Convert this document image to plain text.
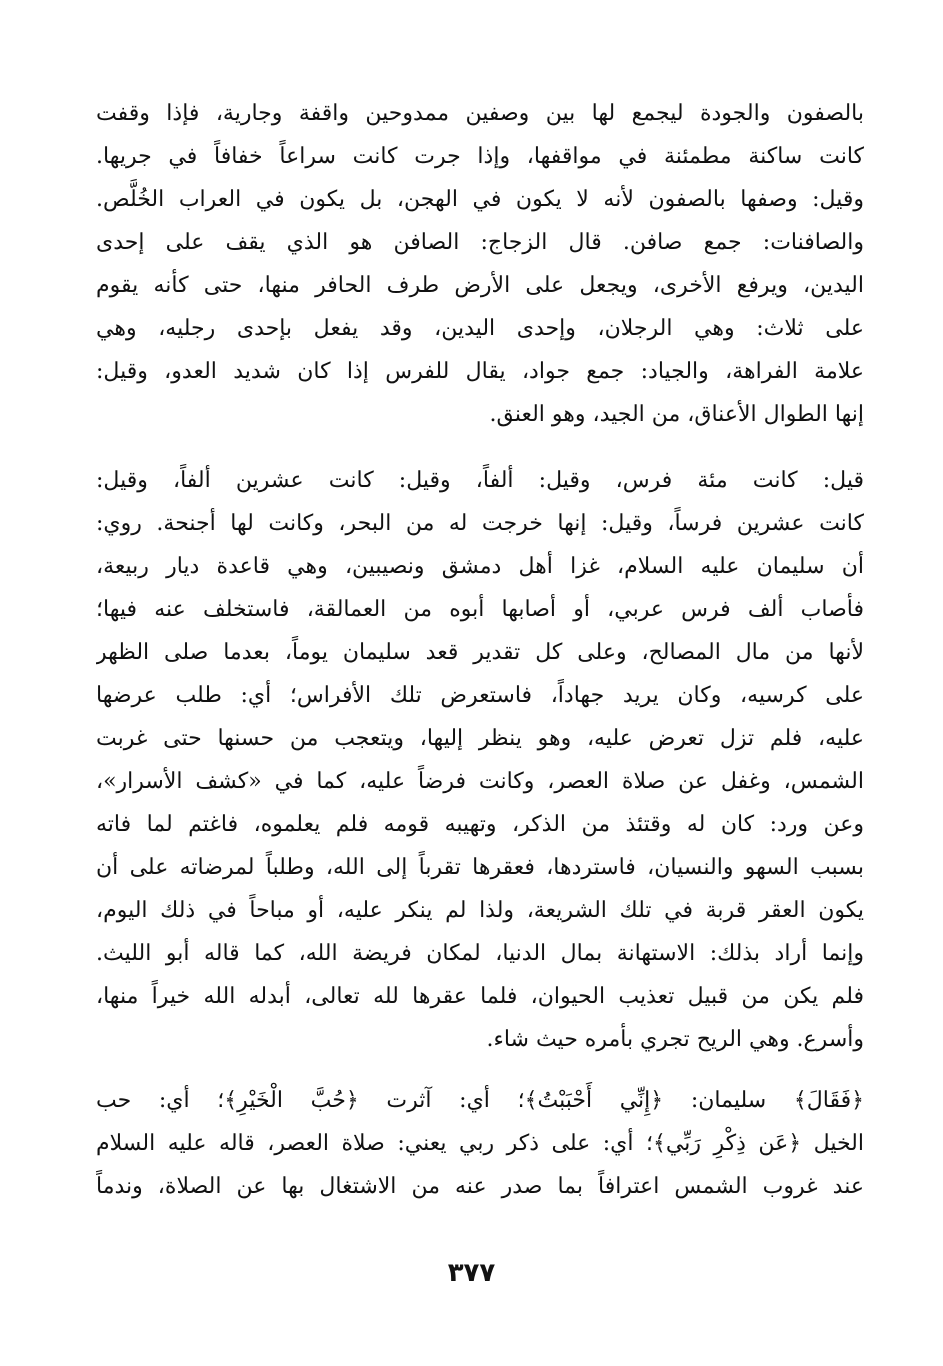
بالصفون والجودة ليجمع لها بين وصفين ممدوحين واقفة وجارية، فإذا وقفت
كانت ساكنة مطمئنة في مواقفها، وإذا جرت كانت سراعاً خفافاً في جريها.
وقيل: وصفها بالصفون لأنه لا يكون في الهجن، بل يكون في العراب الخُلَّص.
والصافنات: جمع صافن. قال الزجاج: الصافن هو الذي يقف على إحدى
اليدين، ويرفع الأخرى، ويجعل على الأرض طرف الحافر منها، حتى كأنه يقوم
على ثلاث: وهي الرجلان، وإحدى اليدين، وقد يفعل بإحدى رجليه، وهي
علامة الفراهة، والجياد: جمع جواد، يقال للفرس إذا كان شديد العدو، وقيل:
إنها الطوال الأعناق، من الجيد، وهو العنق.
قيل: كانت مئة فرس، وقيل: ألفاً، وقيل: كانت عشرين ألفاً، وقيل:
كانت عشرين فرساً، وقيل: إنها خرجت له من البحر، وكانت لها أجنحة. روي:
أن سليمان عليه السلام، غزا أهل دمشق ونصيبين، وهي قاعدة ديار ربيعة،
فأصاب ألف فرس عربي، أو أصابها أبوه من العمالقة، فاستخلف عنه فيها؛
لأنها من مال المصالح، وعلى كل تقدير قعد سليمان يوماً، بعدما صلى الظهر
على كرسيه، وكان يريد جهاداً، فاستعرض تلك الأفراس؛ أي: طلب عرضها
عليه، فلم تزل تعرض عليه، وهو ينظر إليها، ويتعجب من حسنها حتى غربت
الشمس، وغفل عن صلاة العصر، وكانت فرضاً عليه، كما في «كشف الأسرار»،
وعن ورد: كان له وقتئذ من الذكر، وتهيبه قومه فلم يعلموه، فاغتم لما فاته
بسبب السهو والنسيان، فاستردها، فعقرها تقرباً إلى الله، وطلباً لمرضاته على أن
يكون العقر قربة في تلك الشريعة، ولذا لم ينكر عليه، أو مباحاً في ذلك اليوم،
وإنما أراد بذلك: الاستهانة بمال الدنيا، لمكان فريضة الله، كما قاله أبو الليث.
فلم يكن من قبيل تعذيب الحيوان، فلما عقرها لله تعالى، أبدله الله خيراً منها،
وأسرع. وهي الريح تجري بأمره حيث شاء.
﴿فَقَالَ﴾ سليمان: ﴿إِنِّي أَحْبَبْتُ﴾؛ أي: آثرت ﴿حُبَّ الْخَيْرِ﴾؛ أي: حب
الخيل ﴿عَن ذِكْرِ رَبِّي﴾؛ أي: على ذكر ربي يعني: صلاة العصر، قاله عليه السلام
عند غروب الشمس اعترافاً بما صدر عنه من الاشتغال بها عن الصلاة، وندماً
٣٧٧
